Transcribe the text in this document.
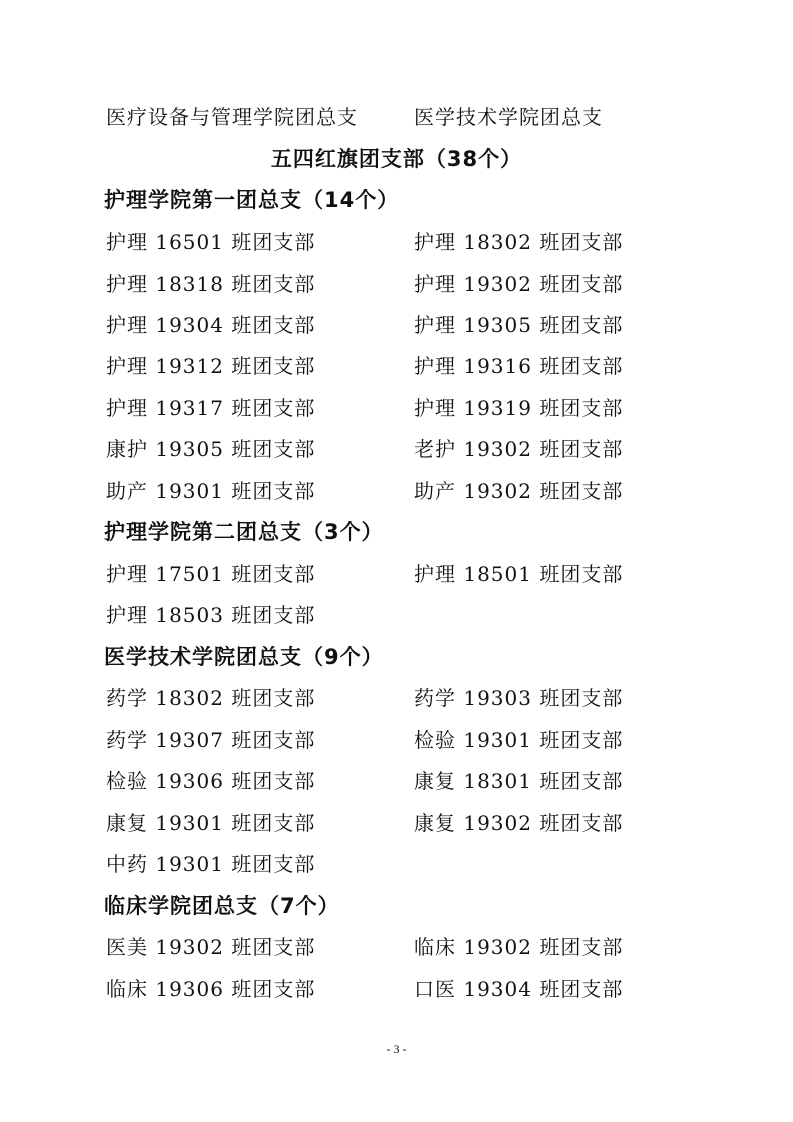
医疗设备与管理学院团总支	医学技术学院团总支
五四红旗团支部（38个）
护理学院第一团总支（14个）
护理 16501 班团支部	护理 18302 班团支部
护理 18318 班团支部	护理 19302 班团支部
护理 19304 班团支部	护理 19305 班团支部
护理 19312 班团支部	护理 19316 班团支部
护理 19317 班团支部	护理 19319 班团支部
康护 19305 班团支部	老护 19302 班团支部
助产 19301 班团支部	助产 19302 班团支部
护理学院第二团总支（3个）
护理 17501 班团支部	护理 18501 班团支部
护理 18503 班团支部
医学技术学院团总支（9个）
药学 18302 班团支部	药学 19303 班团支部
药学 19307 班团支部	检验 19301 班团支部
检验 19306 班团支部	康复 18301 班团支部
康复 19301 班团支部	康复 19302 班团支部
中药 19301 班团支部
临床学院团总支（7个）
医美 19302 班团支部	临床 19302 班团支部
临床 19306 班团支部	口医 19304 班团支部
- 3 -
